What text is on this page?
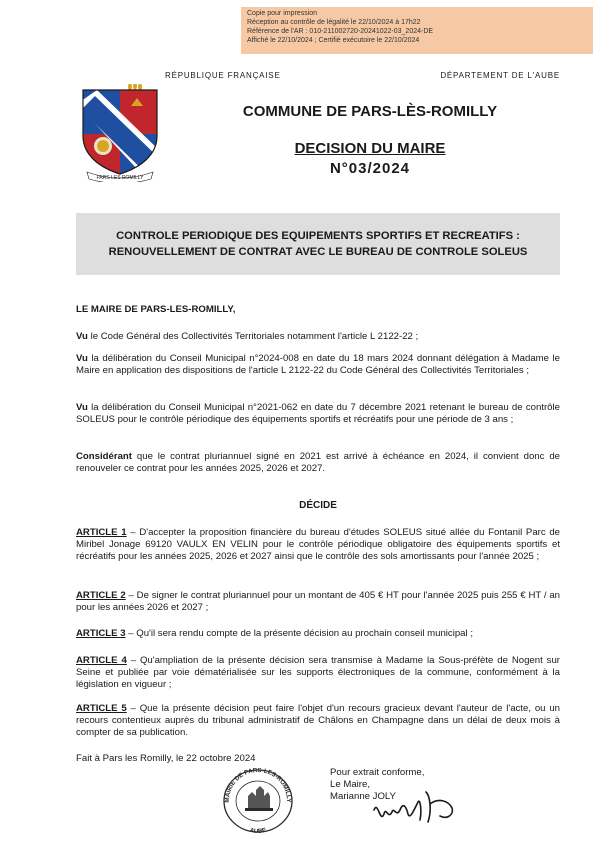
Copie pour impression
Réception au contrôle de légalité le 22/10/2024 à 17h22
Référence de l'AR : 010-211002720-20241022-03_2024-DE
Affiché le 22/10/2024 ; Certifié exécutoire le 22/10/2024
RÉPUBLIQUE FRANÇAISE	DÉPARTEMENT DE L'AUBE
PARS LES ROMILLY
COMMUNE DE PARS-LÈS-ROMILLY
DECISION DU MAIRE
N°03/2024
CONTROLE PERIODIQUE DES EQUIPEMENTS SPORTIFS ET RECREATIFS :
RENOUVELLEMENT DE CONTRAT AVEC LE BUREAU DE CONTROLE SOLEUS
LE MAIRE DE PARS-LES-ROMILLY,
Vu le Code Général des Collectivités Territoriales notamment l'article L 2122-22 ;
Vu la délibération du Conseil Municipal n°2024-008 en date du 18 mars 2024 donnant délégation à Madame le Maire en application des dispositions de l'article L 2122-22 du Code Général des Collectivités Territoriales ;
Vu la délibération du Conseil Municipal n°2021-062 en date du 7 décembre 2021 retenant le bureau de contrôle SOLEUS pour le contrôle périodique des équipements sportifs et récréatifs pour une période de 3 ans ;
Considérant que le contrat pluriannuel signé en 2021 est arrivé à échéance en 2024, il convient donc de renouveler ce contrat pour les années 2025, 2026 et 2027.
DÉCIDE
ARTICLE 1 – D'accepter la proposition financière du bureau d'études SOLEUS situé allée du Fontanil Parc de Miribel Jonage 69120 VAULX EN VELIN pour le contrôle périodique obligatoire des équipements sportifs et récréatifs pour les années 2025, 2026 et 2027 ainsi que le contrôle des sols amortissants pour l'année 2025 ;
ARTICLE 2 – De signer le contrat pluriannuel pour un montant de 405 € HT pour l'année 2025 puis 255 € HT / an pour les années 2026 et 2027 ;
ARTICLE 3 – Qu'il sera rendu compte de la présente décision au prochain conseil municipal ;
ARTICLE 4 – Qu'ampliation de la présente décision sera transmise à Madame la Sous-préfète de Nogent sur Seine et publiée par voie dématérialisée sur les supports électroniques de la commune, conformément à la législation en vigueur ;
ARTICLE 5 – Que la présente décision peut faire l'objet d'un recours gracieux devant l'auteur de l'acte, ou un recours contentieux auprès du tribunal administratif de Châlons en Champagne dans un délai de deux mois à compter de sa publication.
Fait à Pars les Romilly, le 22 octobre 2024
Pour extrait conforme,
Le Maire,
Marianne JOLY
MAIRIE DE PARS-LES-ROMILLY
AUBE
